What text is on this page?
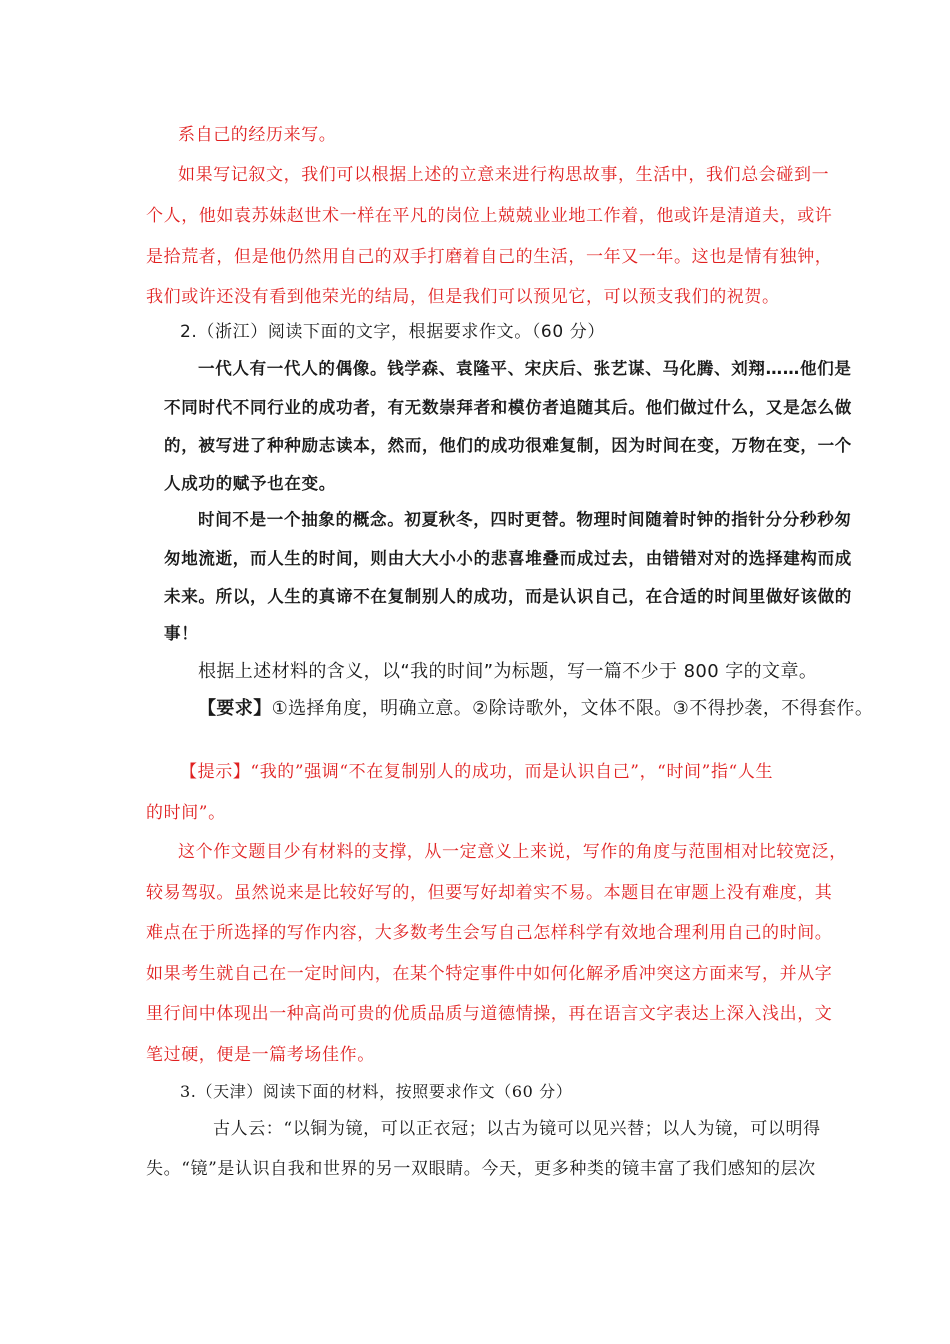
系自己的经历来写。
如果写记叙文，我们可以根据上述的立意来进行构思故事，生活中，我们总会碰到一
个人，他如袁苏妹赵世术一样在平凡的岗位上兢兢业业地工作着，他或许是清道夫，或许
是拾荒者，但是他仍然用自己的双手打磨着自己的生活，一年又一年。这也是情有独钟，
我们或许还没有看到他荣光的结局，但是我们可以预见它，可以预支我们的祝贺。
2.（浙江）阅读下面的文字，根据要求作文。（60 分）
一代人有一代人的偶像。钱学森、袁隆平、宋庆后、张艺谋、马化腾、刘翔……他们是
不同时代不同行业的成功者，有无数崇拜者和模仿者追随其后。他们做过什么，又是怎么做
的，被写进了种种励志读本，然而，他们的成功很难复制，因为时间在变，万物在变，一个
人成功的赋予也在变。
时间不是一个抽象的概念。初夏秋冬，四时更替。物理时间随着时钟的指针分分秒秒匆
匆地流逝，而人生的时间，则由大大小小的悲喜堆叠而成过去，由错错对对的选择建构而成
未来。所以，人生的真谛不在复制别人的成功，而是认识自己，在合适的时间里做好该做的
事！
根据上述材料的含义，以“我的时间”为标题，写一篇不少于 800 字的文章。
【要求】①选择角度，明确立意。②除诗歌外，文体不限。③不得抄袭，不得套作。
【提示】“我的”强调“不在复制别人的成功，而是认识自己”，“时间”指“人生
的时间”。
这个作文题目少有材料的支撑，从一定意义上来说，写作的角度与范围相对比较宽泛，
较易驾驭。虽然说来是比较好写的，但要写好却着实不易。本题目在审题上没有难度，其
难点在于所选择的写作内容，大多数考生会写自己怎样科学有效地合理利用自己的时间。
如果考生就自己在一定时间内，在某个特定事件中如何化解矛盾冲突这方面来写，并从字
里行间中体现出一种高尚可贵的优质品质与道德情操，再在语言文字表达上深入浅出，文
笔过硬，便是一篇考场佳作。
3.（天津）阅读下面的材料，按照要求作文（60 分）
古人云：“以铜为镜，可以正衣冠；以古为镜可以见兴替；以人为镜，可以明得
失。“镜”是认识自我和世界的另一双眼睛。今天，更多种类的镜丰富了我们感知的层次
